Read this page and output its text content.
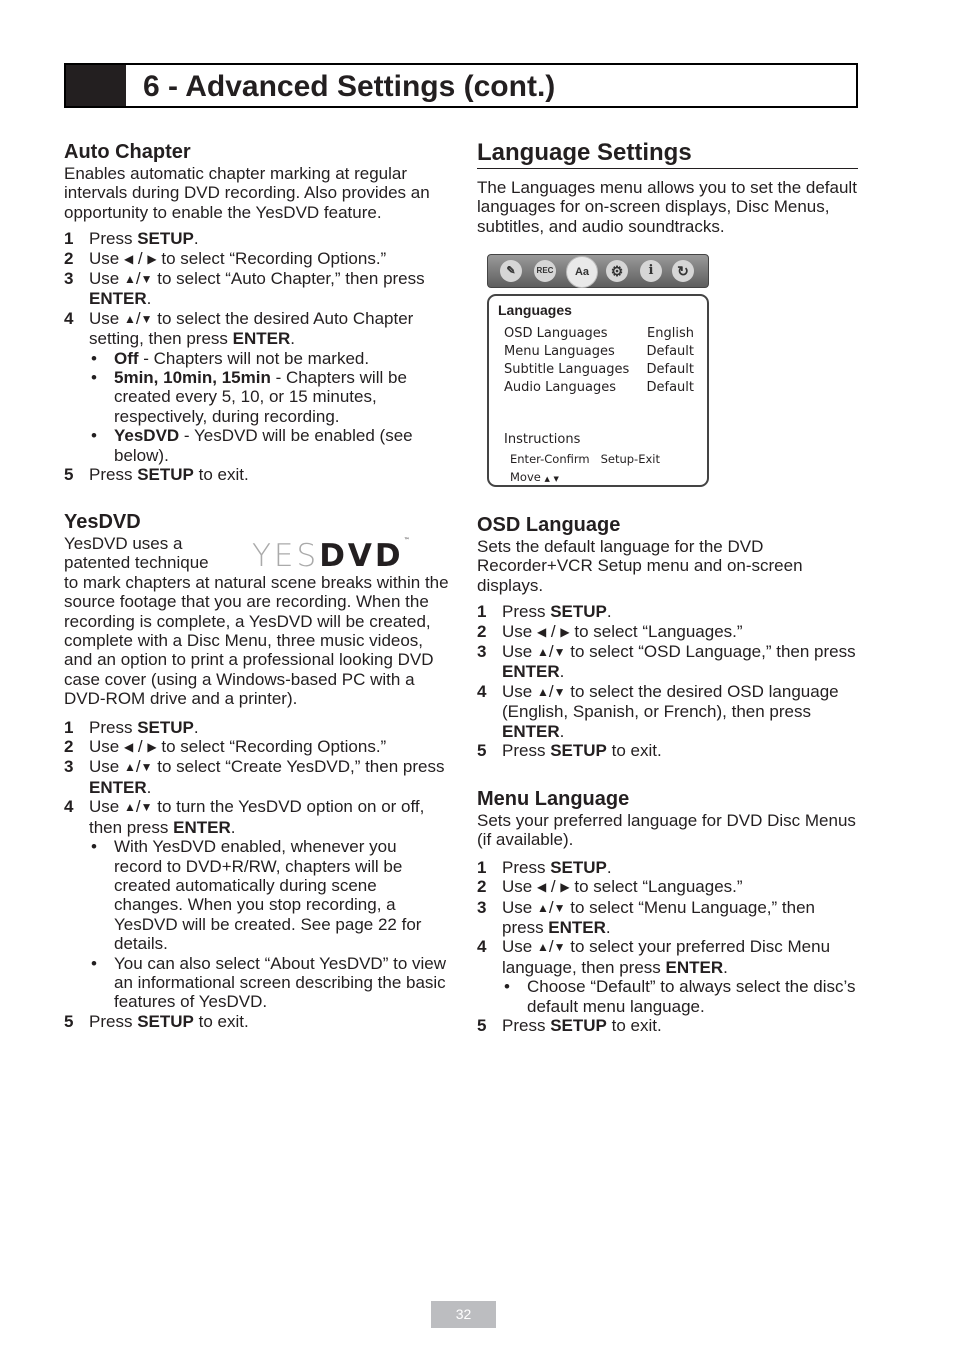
6 - Advanced Settings (cont.)
Auto Chapter

Enables automatic chapter marking at regular intervals during DVD recording. Also provides an opportunity to enable the YesDVD feature.

1 Press SETUP.
2 Use ◀ / ▶ to select “Recording Options.”
3 Use ▲/▼ to select “Auto Chapter,” then press ENTER.
4 Use ▲/▼ to select the desired Auto Chapter setting, then press ENTER.
• Off - Chapters will not be marked.
• 5min, 10min, 15min - Chapters will be created every 5, 10, or 15 minutes, respectively, during recording.
• YesDVD - YesDVD will be enabled (see below).
5 Press SETUP to exit.
YESDVD™
YesDVD

YesDVD uses a
patented technique
to mark chapters at natural scene breaks within the source footage that you are recording. When the recording is complete, a YesDVD will be created, complete with a Disc Menu, three music videos, and an option to print a professional looking DVD case cover (using a Windows-based PC with a DVD-ROM drive and a printer).

1 Press SETUP.
2 Use ◀ / ▶ to select “Recording Options.”
3 Use ▲/▼ to select “Create YesDVD,” then press ENTER.
4 Use ▲/▼ to turn the YesDVD option on or off, then press ENTER.
• With YesDVD enabled, whenever you record to DVD+R/RW, chapters will be created automatically during scene changes. When you stop recording, a YesDVD will be created. See page 22 for details.
• You can also select “About YesDVD” to view an informational screen describing the basic features of YesDVD.
5 Press SETUP to exit.
Language Settings

The Languages menu allows you to set the default languages for on-screen displays, Disc Menus, subtitles, and audio soundtracks.

✎	REC	Aa	⚙	i	↻
Languages
OSD Languages	English
Menu Languages Default
Subtitle Languages Default
Audio Languages Default
Instructions
Enter-Confirm Setup-Exit
Move ▲ ▼
OSD Language

Sets the default language for the DVD Recorder+VCR Setup menu and on-screen displays.

1 Press SETUP.
2 Use ◀ / ▶ to select “Languages.”
3 Use ▲/▼ to select “OSD Language,” then press ENTER.
4 Use ▲/▼ to select the desired OSD language (English, Spanish, or French), then press ENTER.
5 Press SETUP to exit.
Menu Language

Sets your preferred language for DVD Disc Menus (if available).

1 Press SETUP.
2 Use ◀ / ▶ to select “Languages.”
3 Use ▲/▼ to select “Menu Language,” then press ENTER.
4 Use ▲/▼ to select your preferred Disc Menu language, then press ENTER.
• Choose “Default” to always select the disc’s default menu language.
5 Press SETUP to exit.
32
